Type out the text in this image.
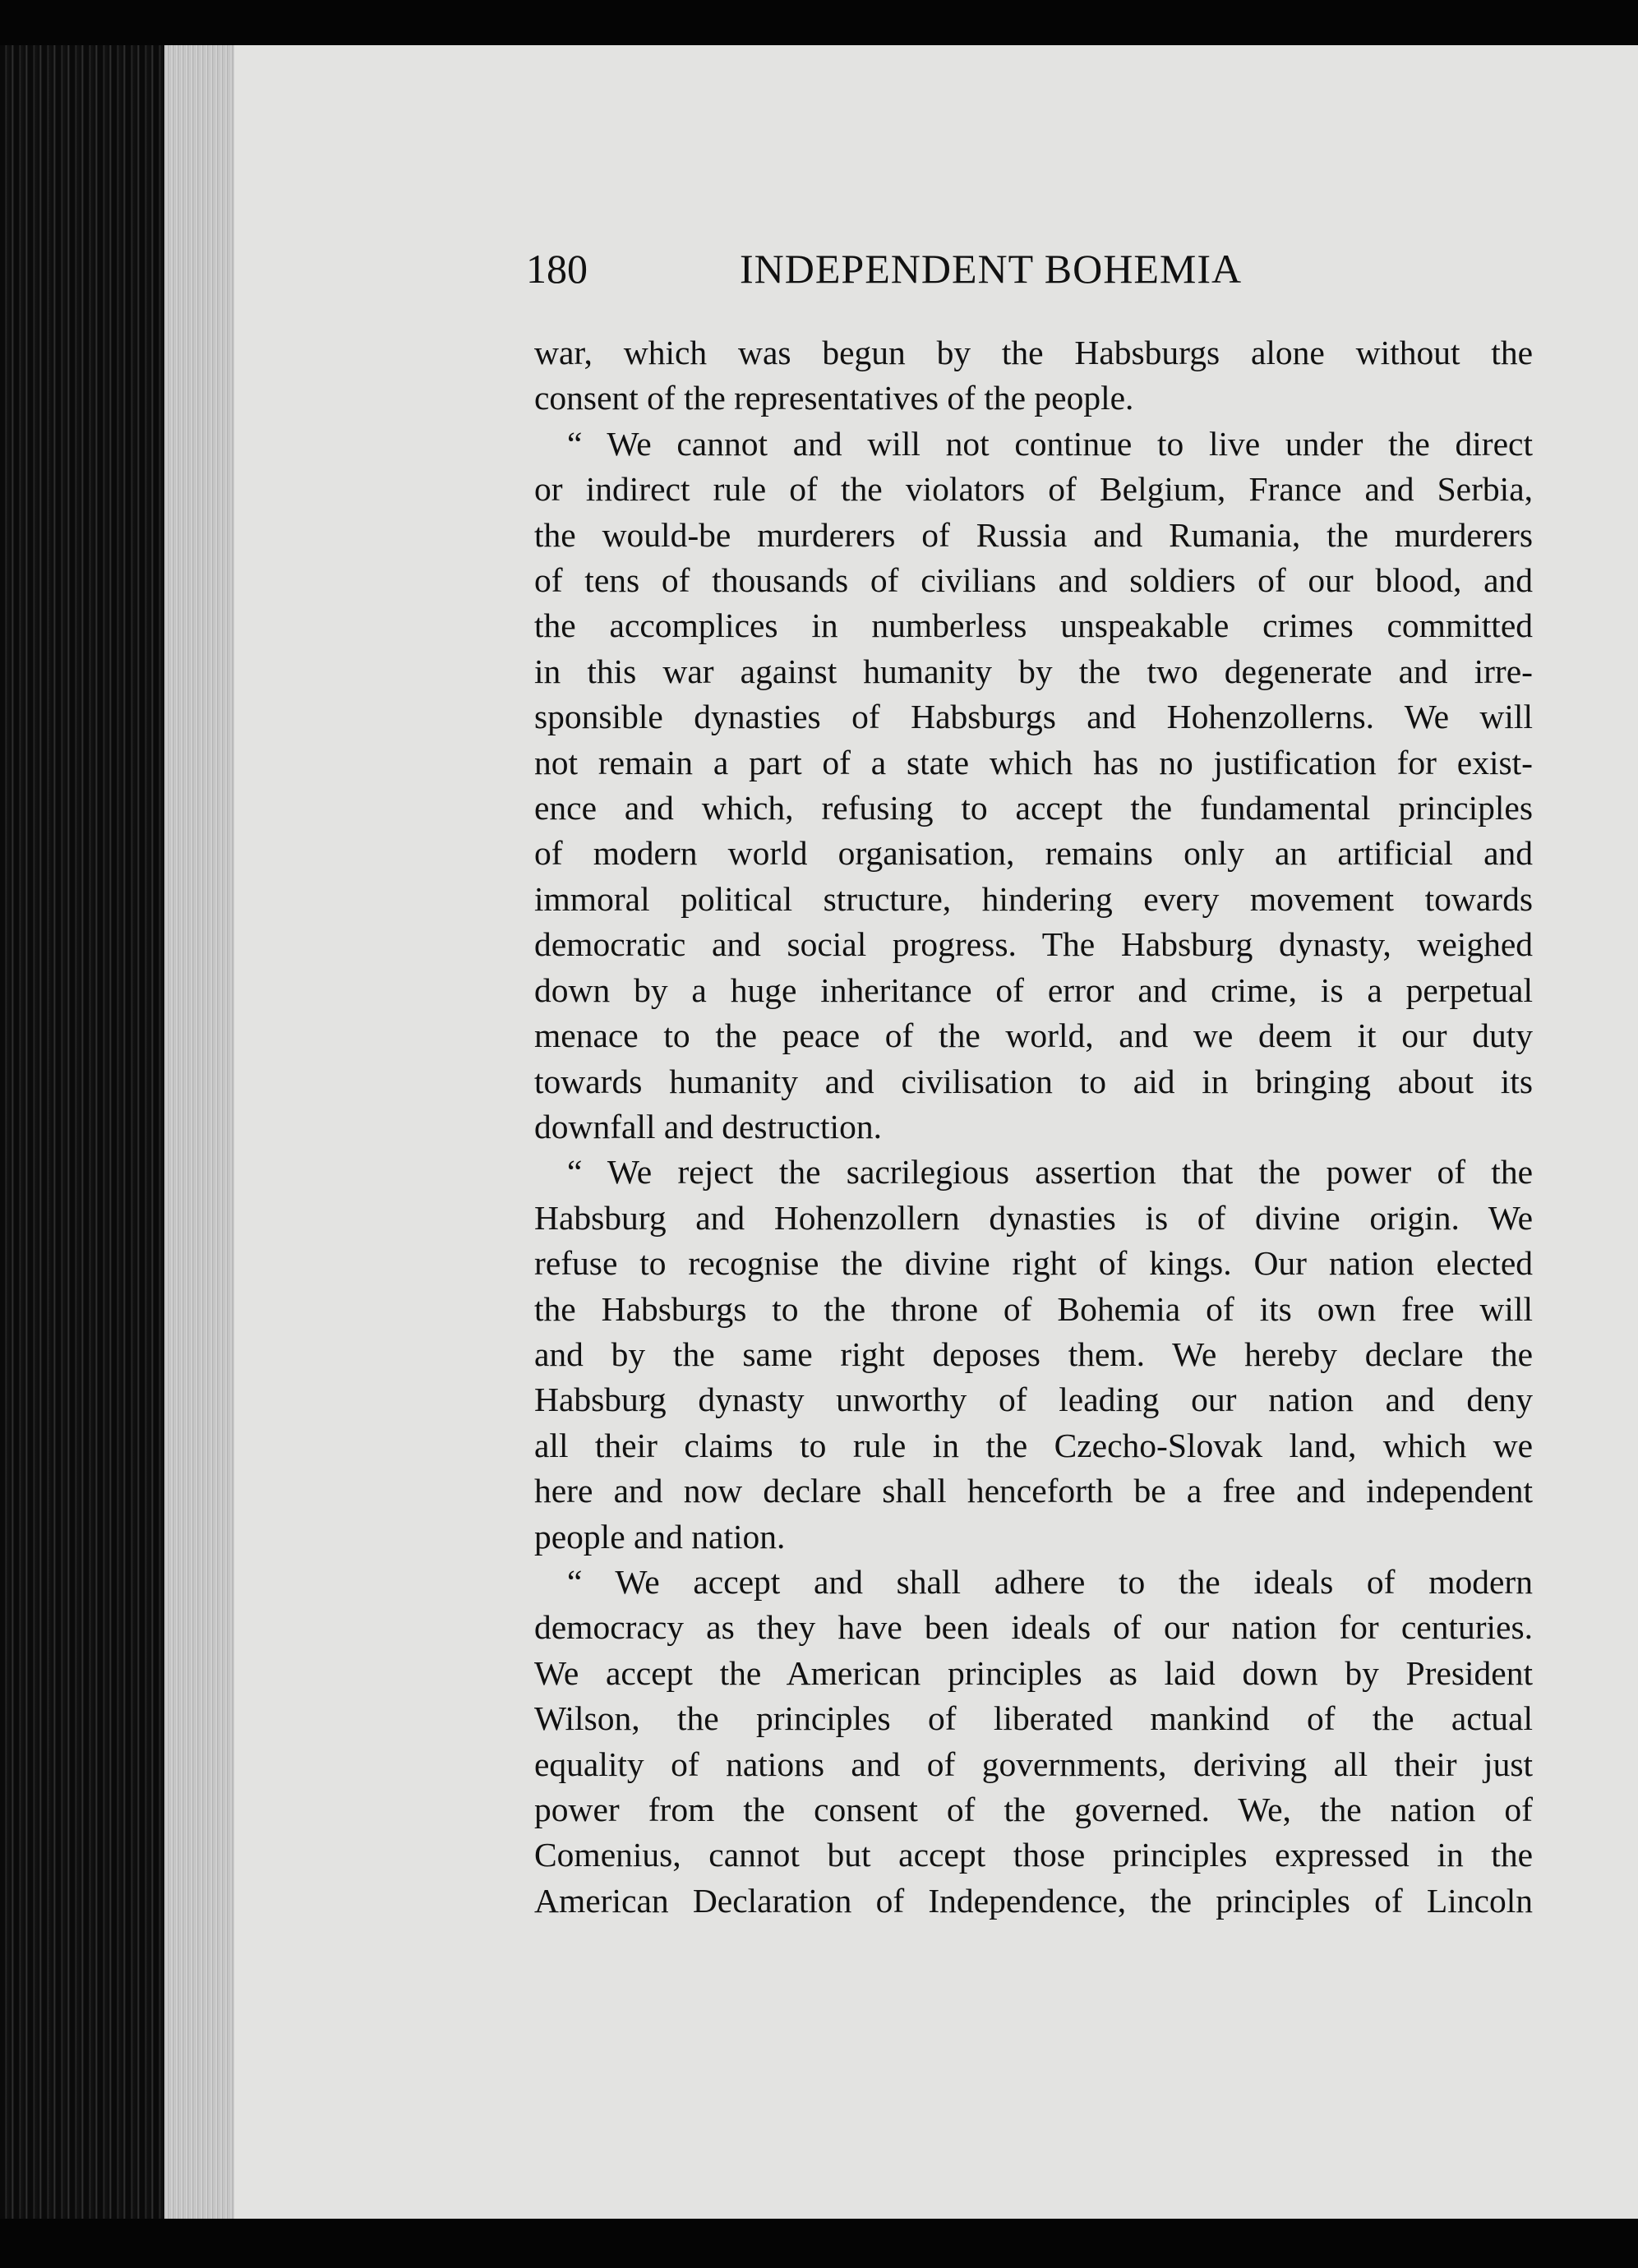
180	INDEPENDENT BOHEMIA

war, which was begun by the Habsburgs alone without the

consent of the representatives of the people.

“ We cannot and will not continue to live under the direct

or indirect rule of the violators of Belgium, France and Serbia,

the would-be murderers of Russia and Rumania, the murderers

of tens of thousands of civilians and soldiers of our blood, and

the accomplices in numberless unspeakable crimes committed

in this war against humanity by the two degenerate and irre-

sponsible dynasties of Habsburgs and Hohenzollerns. We will

not remain a part of a state which has no justification for exist-

ence and which, refusing to accept the fundamental principles

of modern world organisation, remains only an artificial and

immoral political structure, hindering every movement towards

democratic and social progress. The Habsburg dynasty, weighed

down by a huge inheritance of error and crime, is a perpetual

menace to the peace of the world, and we deem it our duty

towards humanity and civilisation to aid in bringing about its

downfall and destruction.

“ We reject the sacrilegious assertion that the power of the

Habsburg and Hohenzollern dynasties is of divine origin. We

refuse to recognise the divine right of kings. Our nation elected

the Habsburgs to the throne of Bohemia of its own free will

and by the same right deposes them. We hereby declare the

Habsburg dynasty unworthy of leading our nation and deny

all their claims to rule in the Czecho-Slovak land, which we

here and now declare shall henceforth be a free and independent

people and nation.

“ We accept and shall adhere to the ideals of modern

democracy as they have been ideals of our nation for centuries.

We accept the American principles as laid down by President

Wilson, the principles of liberated mankind of the actual

equality of nations and of governments, deriving all their just

power from the consent of the governed. We, the nation of

Comenius, cannot but accept those principles expressed in the

American Declaration of Independence, the principles of Lincoln
